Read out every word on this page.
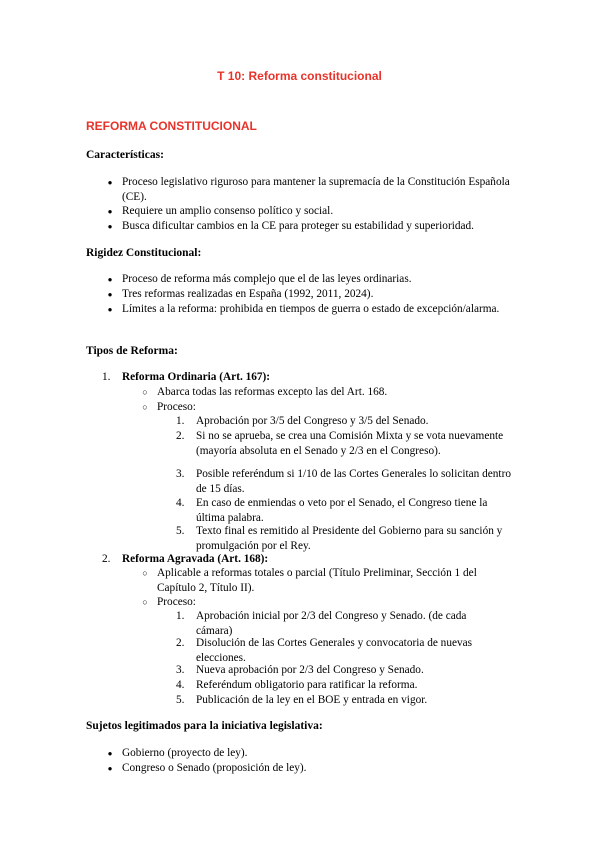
T 10: Reforma constitucional
REFORMA CONSTITUCIONAL
Características:
● Proceso legislativo riguroso para mantener la supremacía de la Constitución Española (CE).
● Requiere un amplio consenso político y social.
● Busca dificultar cambios en la CE para proteger su estabilidad y superioridad.
Rigidez Constitucional:
● Proceso de reforma más complejo que el de las leyes ordinarias.
● Tres reformas realizadas en España (1992, 2011, 2024).
● Límites a la reforma: prohibida en tiempos de guerra o estado de excepción/alarma.
Tipos de Reforma:
1. Reforma Ordinaria (Art. 167):
○ Abarca todas las reformas excepto las del Art. 168.
○ Proceso:
1. Aprobación por 3/5 del Congreso y 3/5 del Senado.
2. Si no se aprueba, se crea una Comisión Mixta y se vota nuevamente (mayoría absoluta en el Senado y 2/3 en el Congreso).
3. Posible referéndum si 1/10 de las Cortes Generales lo solicitan dentro de 15 días.
4. En caso de enmiendas o veto por el Senado, el Congreso tiene la última palabra.
5. Texto final es remitido al Presidente del Gobierno para su sanción y promulgación por el Rey.
2. Reforma Agravada (Art. 168):
○ Aplicable a reformas totales o parcial (Título Preliminar, Sección 1 del Capítulo 2, Título II).
○ Proceso:
1. Aprobación inicial por 2/3 del Congreso y Senado. (de cada cámara)
2. Disolución de las Cortes Generales y convocatoria de nuevas elecciones.
3. Nueva aprobación por 2/3 del Congreso y Senado.
4. Referéndum obligatorio para ratificar la reforma.
5. Publicación de la ley en el BOE y entrada en vigor.
Sujetos legitimados para la iniciativa legislativa:
● Gobierno (proyecto de ley).
● Congreso o Senado (proposición de ley).
